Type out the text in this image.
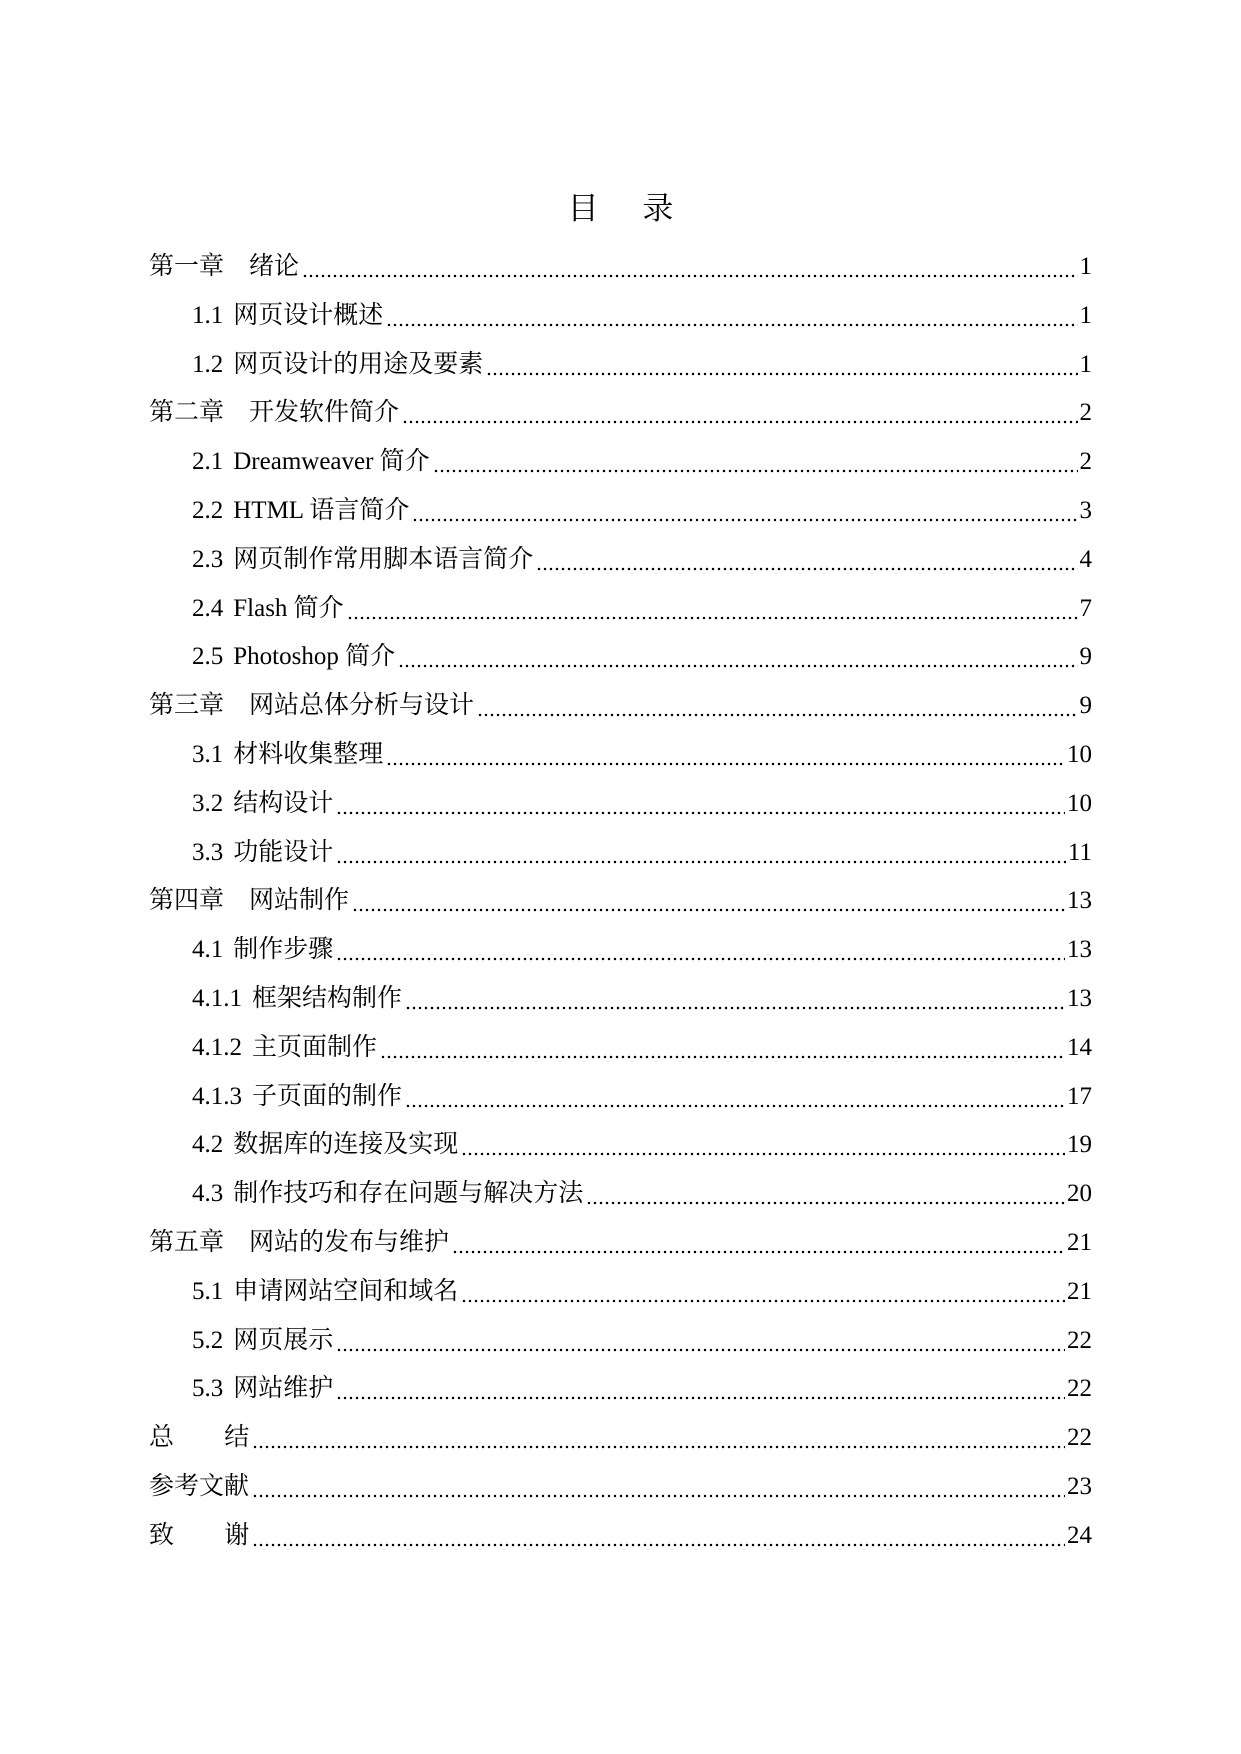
目 录
第一章 绪论	1
1.1 网页设计概述	1
1.2 网页设计的用途及要素	1
第二章 开发软件简介	2
2.1 Dreamweaver 简介	2
2.2 HTML 语言简介	3
2.3 网页制作常用脚本语言简介	4
2.4 Flash 简介	7
2.5 Photoshop 简介	9
第三章 网站总体分析与设计	9
3.1 材料收集整理	10
3.2 结构设计	10
3.3 功能设计	11
第四章 网站制作	13
4.1 制作步骤	13
4.1.1 框架结构制作	13
4.1.2 主页面制作	14
4.1.3 子页面的制作	17
4.2 数据库的连接及实现	19
4.3 制作技巧和存在问题与解决方法	20
第五章 网站的发布与维护	21
5.1 申请网站空间和域名	21
5.2 网页展示	22
5.3 网站维护	22
总 结	22
参考文献	23
致 谢	24
